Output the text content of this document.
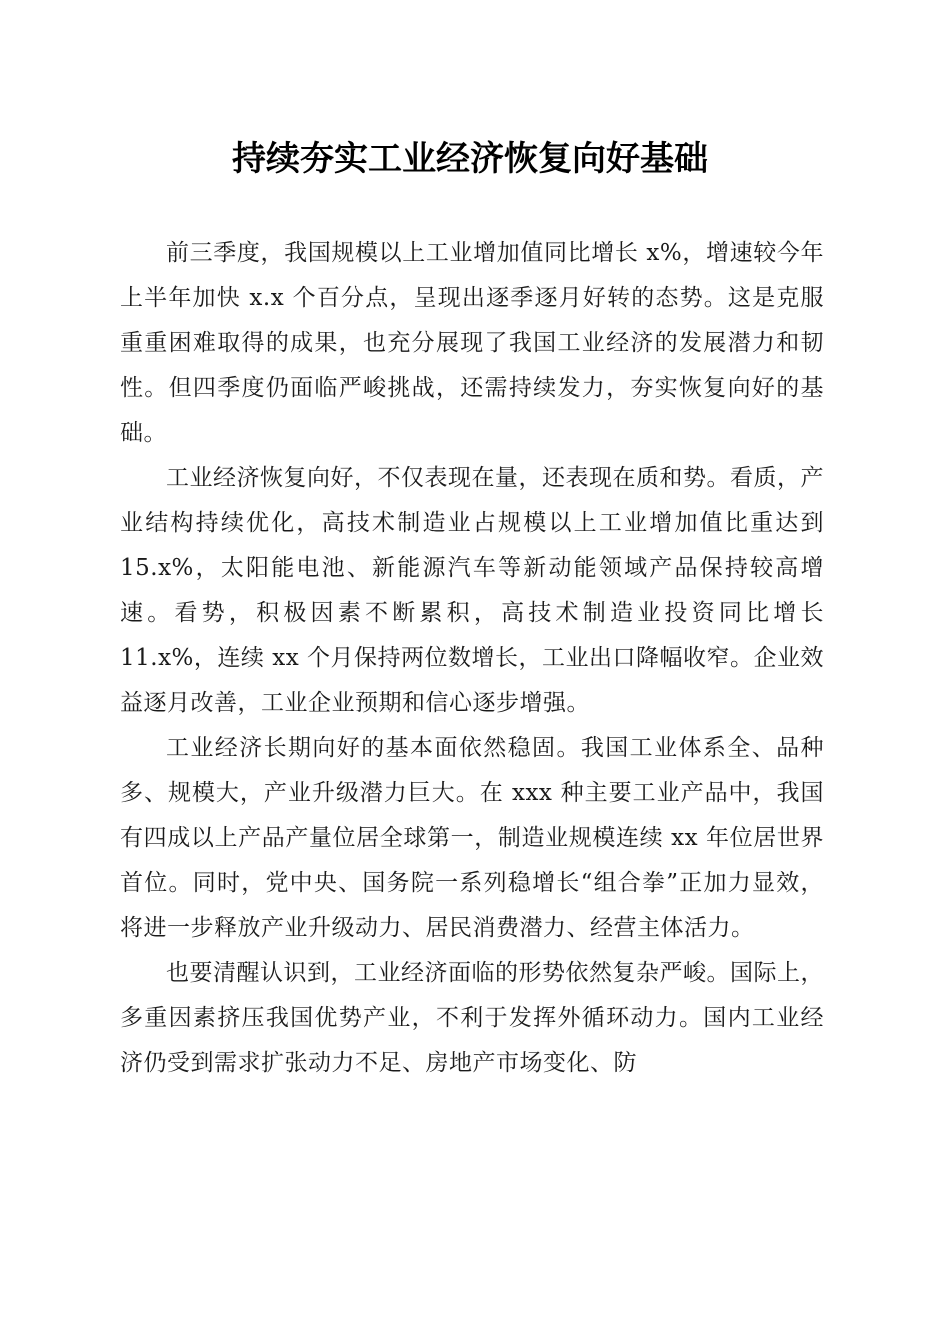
持续夯实工业经济恢复向好基础

前三季度，我国规模以上工业增加值同比增长 x%，增速较今年上半年加快 x.x 个百分点，呈现出逐季逐月好转的态势。这是克服重重困难取得的成果，也充分展现了我国工业经济的发展潜力和韧性。但四季度仍面临严峻挑战，还需持续发力，夯实恢复向好的基础。

工业经济恢复向好，不仅表现在量，还表现在质和势。看质，产业结构持续优化，高技术制造业占规模以上工业增加值比重达到 15.x%，太阳能电池、新能源汽车等新动能领域产品保持较高增速。看势，积极因素不断累积，高技术制造业投资同比增长 11.x%，连续 xx 个月保持两位数增长，工业出口降幅收窄。企业效益逐月改善，工业企业预期和信心逐步增强。

工业经济长期向好的基本面依然稳固。我国工业体系全、品种多、规模大，产业升级潜力巨大。在 xxx 种主要工业产品中，我国有四成以上产品产量位居全球第一，制造业规模连续 xx 年位居世界首位。同时，党中央、国务院一系列稳增长“组合拳”正加力显效，将进一步释放产业升级动力、居民消费潜力、经营主体活力。

也要清醒认识到，工业经济面临的形势依然复杂严峻。国际上，多重因素挤压我国优势产业，不利于发挥外循环动力。国内工业经济仍受到需求扩张动力不足、房地产市场变化、防
